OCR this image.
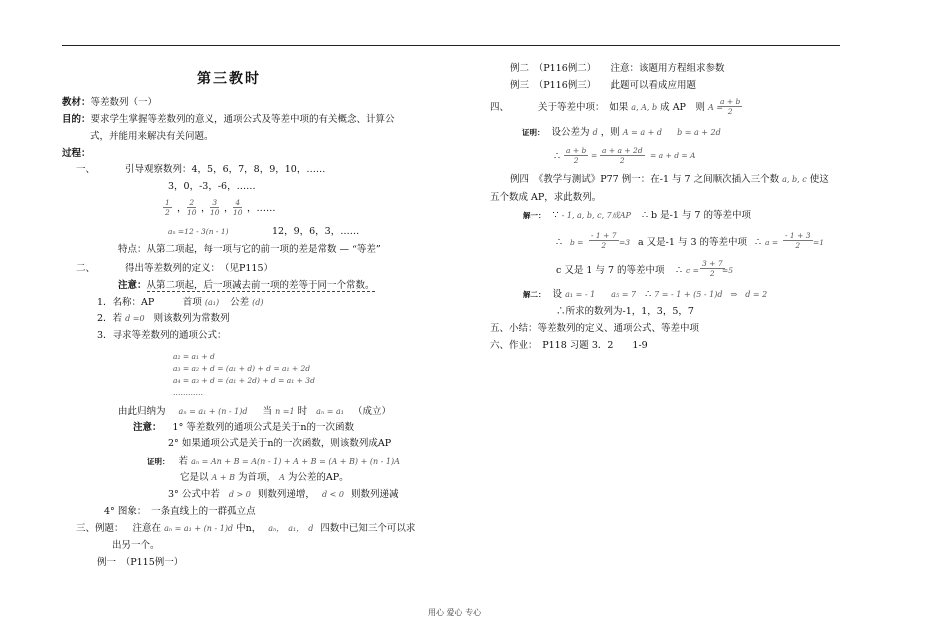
第三教时
教材：等差数列（一）
目的：要求学生掌握等差数列的意义，通项公式及等差中项的有关概念、计算公
式，并能用来解决有关问题。
过程：
一、	引导观察数列：4，5，6，7，8，9，10，……
3，0，-3，-6，……
$\frac{1}{2}$ ，
$\frac{2}{10}$ ，
$\frac{3}{10}$ ，
$\frac{4}{10}$ ，……
aₙ =12 - 3(n - 1)	12，9，6，3，……
特点：从第二项起，每一项与它的前一项的差是常数 — “等差”
二、	得出等差数列的定义：　（见P115）
注意：从第二项起，后一项减去前一项的差等于同一个常数。
1．名称：AP　　　首项 (a₁) 公差 (d)
2．若 d =0 则该数列为常数列
3．寻求等差数列的通项公式：
a₂ = a₁ + d
a₃ = a₂ + d = (a₁ + d) + d = a₁ + 2d
a₄ = a₃ + d = (a₁ + 2d) + d = a₁ + 3d
…………
由此归纳为 aₙ = a₁ + (n - 1)d 当 n =1 时 aₙ = a₁ （成立）
注意： 1° 等差数列的通项公式是关于n的一次函数
2° 如果通项公式是关于n的一次函数，则该数列成AP
证明： 若 aₙ = An + B = A(n - 1) + A + B = (A + B) + (n - 1)A
它是以 A + B 为首项， A 为公差的AP。
3° 公式中若 d > 0 则数列递增， d < 0 则数列递减
4° 图象：　一条直线上的一群孤立点
三、例题： 注意在 aₙ = a₁ + (n - 1)d 中n， aₙ，　a₁，　d 四数中已知三个可以求
出另一个。
例一　（P115例一）
例二　（P116例二）　　注意：该题用方程组求参数
例三　（P116例三）　　此题可以看成应用题
四、	关于等差中项：　如果 a, A, b 成 AP　则 A =
$\frac{a + b}{2}$
证明： 设公差为 d ，则 A = a + d b = a + 2d
∴ $\frac{a + b}{2} = \frac{a + a + 2d}{2} = a + d = A$
例四　《教学与测试》P77 例一：在-1 与 7 之间顺次插入三个数 a, b, c 使这
五个数成 AP，求此数列。
解一： ∵ - 1, a, b, c, 7成AP ∴ b 是-1 与 7 的等差中项
∴ $b = \frac{- 1 + 7}{2} =3$ a 又是-1 与 3 的等差中项 ∴ $a = \frac{- 1 + 3}{2} =1$
c 又是 1 与 7 的等差中项 ∴ $c = \frac{3 + 7}{2}$
=5
解二： 设 a₁ = - 1　　a₅ = 7 ∴ 7 = - 1 + (5 - 1)d　⇒　d = 2
∴所求的数列为-1，1，3，5，7
五、小结：等差数列的定义、通项公式、等差中项
六、作业：　P118 习题 3．2　　1-9
用心 爱心 专心
